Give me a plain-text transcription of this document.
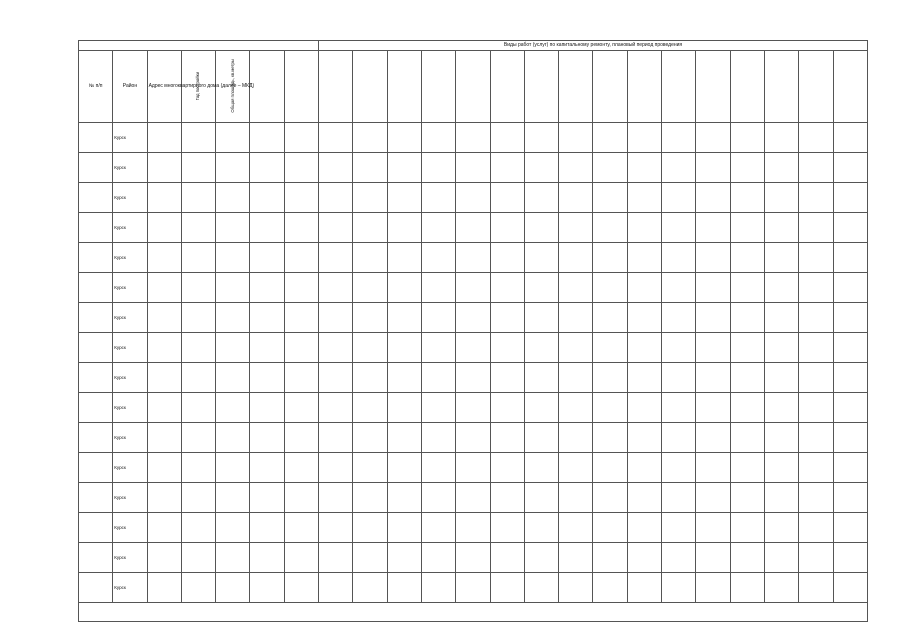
							Виды работ (услуг) по капитальному ремонту, плановый период проведения															
№ п/п	Район	Адрес многоквартирного дома (далее – МКД)	Год постройки	Общая площадь, кв.метры																		
	Курск																					
	Курск																					
	Курск																					
	Курск																					
	Курск																					
	Курск																					
	Курск																					
	Курск																					
	Курск																					
	Курск																					
	Курск																					
	Курск																					
	Курск																					
	Курск																					
	Курск																					
	Курск																					
